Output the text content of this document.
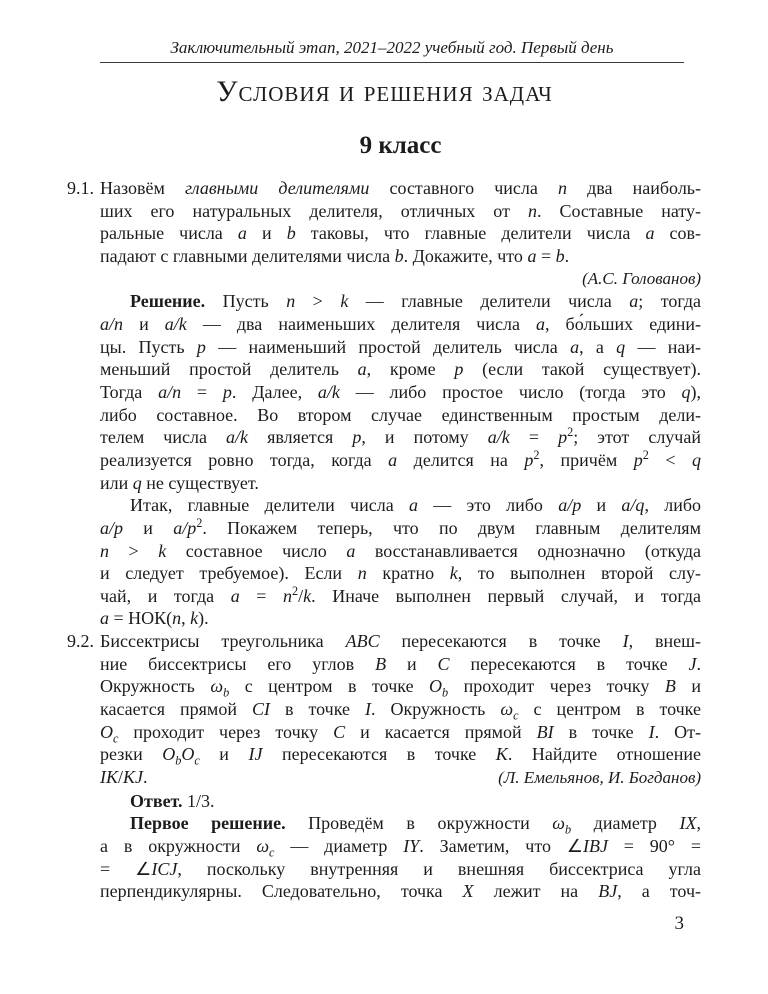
Заключительный этап, 2021–2022 учебный год. Первый день
Условия и решения задач
9 класс
9.1. Назовём главными делителями составного числа n два наиболь-
ших его натуральных делителя, отличных от n. Составные нату-
ральные числа a и b таковы, что главные делители числа a сов-
падают с главными делителями числа b. Докажите, что a = b.
(А.С. Голованов)
Решение. Пусть n > k — главные делители числа a; тогда
a/n и a/k — два наименьших делителя числа a, бо́льших едини-
цы. Пусть p — наименьший простой делитель числа a, а q — наи-
меньший простой делитель a, кроме p (если такой существует).
Тогда a/n = p. Далее, a/k — либо простое число (тогда это q),
либо составное. Во втором случае единственным простым дели-
телем числа a/k является p, и потому $a/k = p^2$; этот случай
реализуется ровно тогда, когда a делится на $p^2$, причём $p^2 < q$
или q не существует.
Итак, главные делители числа a — это либо a/p и a/q, либо
a/p и $a/p^2$. Покажем теперь, что по двум главным делителям
n > k составное число a восстанавливается однозначно (откуда
и следует требуемое). Если n кратно k, то выполнен второй слу-
чай, и тогда $a = n^2/k$. Иначе выполнен первый случай, и тогда
a = НОК(n, k).
9.2. Биссектрисы треугольника ABC пересекаются в точке I, внеш-
ние биссектрисы его углов B и C пересекаются в точке J.
Окружность $\omega_b$ с центром в точке $O_b$ проходит через точку B и
касается прямой CI в точке I. Окружность $\omega_c$ с центром в точке
$O_c$ проходит через точку C и касается прямой BI в точке I. От-
резки $O_bO_c$ и IJ пересекаются в точке K. Найдите отношение
IK/KJ.	(Л. Емельянов, И. Богданов)
Ответ. 1/3.
Первое решение. Проведём в окружности $\omega_b$ диаметр IX,
а в окружности $\omega_c$ — диаметр IY. Заметим, что ∠IBJ = 90° =
= ∠ICJ, поскольку внутренняя и внешняя биссектриса угла
перпендикулярны. Следовательно, точка X лежит на BJ, а точ-
3
